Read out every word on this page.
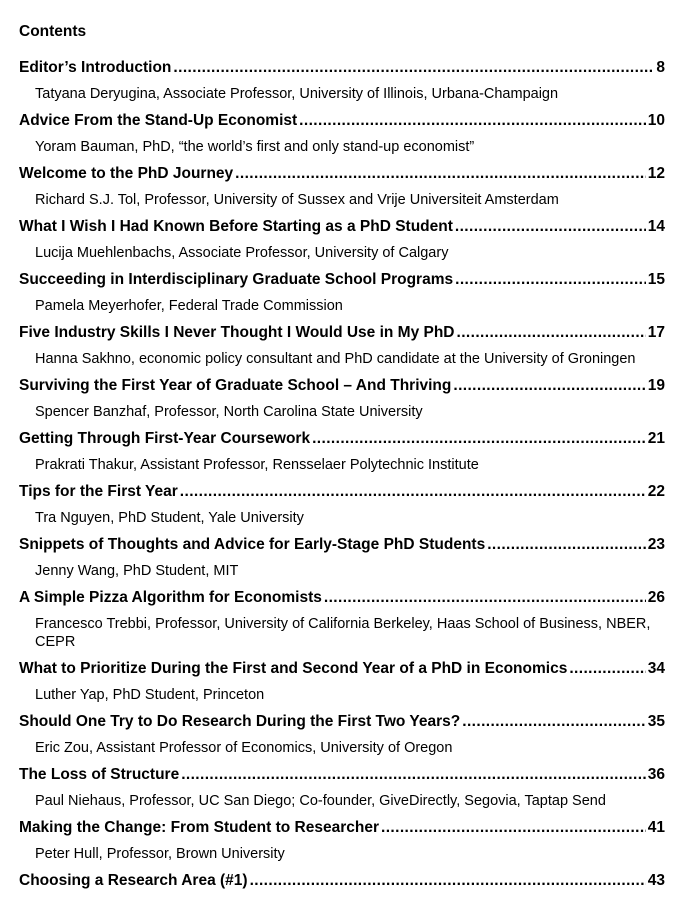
Contents
Editor’s Introduction .....	8
Tatyana Deryugina, Associate Professor, University of Illinois, Urbana-Champaign
Advice From the Stand-Up Economist .....	10
Yoram Bauman, PhD, “the world’s first and only stand-up economist”
Welcome to the PhD Journey .....	12
Richard S.J. Tol, Professor, University of Sussex and Vrije Universiteit Amsterdam
What I Wish I Had Known Before Starting as a PhD Student .....	14
Lucija Muehlenbachs, Associate Professor, University of Calgary
Succeeding in Interdisciplinary Graduate School Programs .....	15
Pamela Meyerhofer, Federal Trade Commission
Five Industry Skills I Never Thought I Would Use in My PhD .....	17
Hanna Sakhno, economic policy consultant and PhD candidate at the University of Groningen
Surviving the First Year of Graduate School – And Thriving .....	19
Spencer Banzhaf, Professor, North Carolina State University
Getting Through First-Year Coursework .....	21
Prakrati Thakur, Assistant Professor, Rensselaer Polytechnic Institute
Tips for the First Year .....	22
Tra Nguyen, PhD Student, Yale University
Snippets of Thoughts and Advice for Early-Stage PhD Students .....	23
Jenny Wang, PhD Student, MIT
A Simple Pizza Algorithm for Economists .....	26
Francesco Trebbi, Professor, University of California Berkeley, Haas School of Business, NBER, CEPR
What to Prioritize During the First and Second Year of a PhD in Economics .....	34
Luther Yap, PhD Student, Princeton
Should One Try to Do Research During the First Two Years? .....	35
Eric Zou, Assistant Professor of Economics, University of Oregon
The Loss of Structure .....	36
Paul Niehaus, Professor, UC San Diego; Co-founder, GiveDirectly, Segovia, Taptap Send
Making the Change: From Student to Researcher .....	41
Peter Hull, Professor, Brown University
Choosing a Research Area (#1) .....	43
